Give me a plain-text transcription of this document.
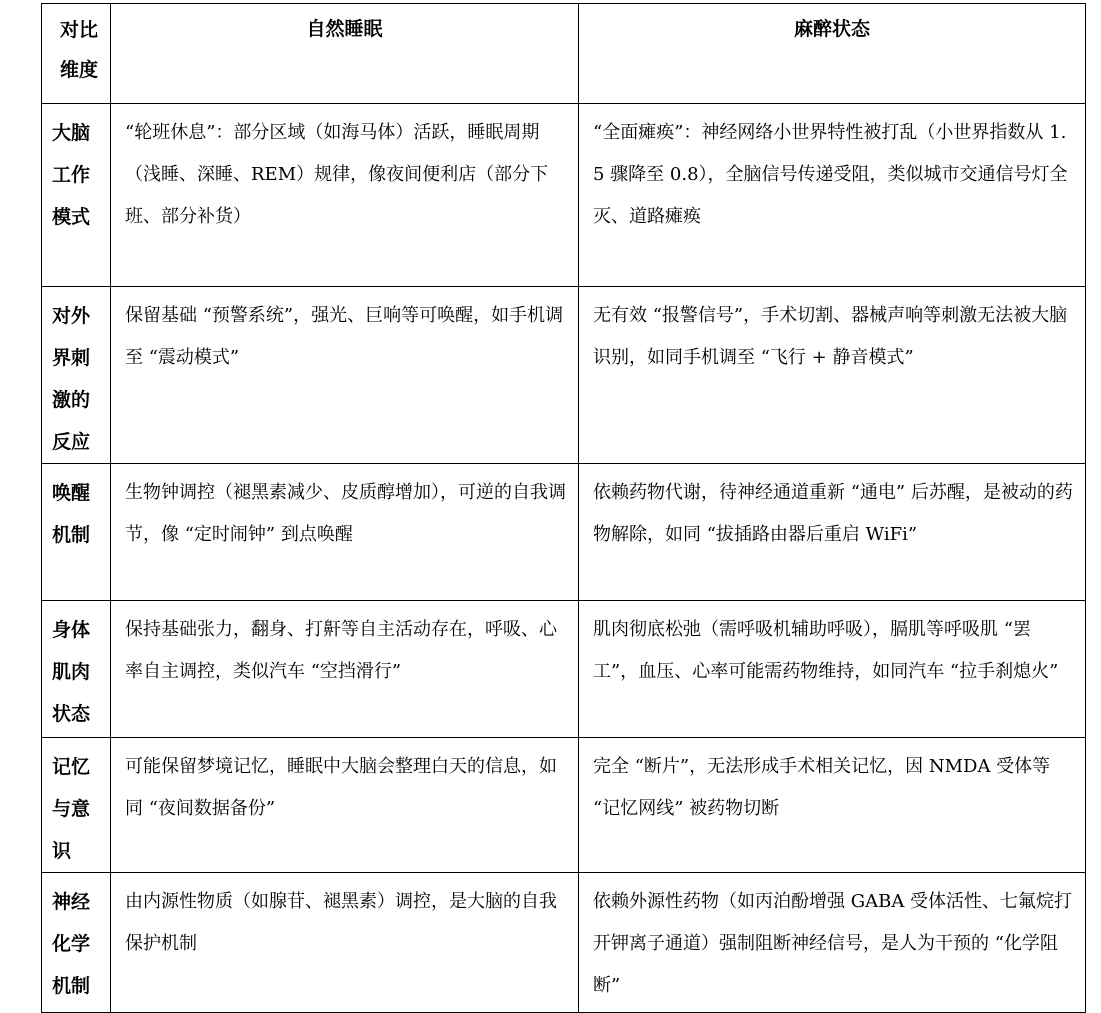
对比维度	自然睡眠	麻醉状态
大脑工作模式	“轮班休息”：部分区域（如海马体）活跃，睡眠周期（浅睡、深睡、REM）规律，像夜间便利店（部分下班、部分补货）	“全面瘫痪”：神经网络小世界特性被打乱（小世界指数从 1.5 骤降至 0.8），全脑信号传递受阻，类似城市交通信号灯全灭、道路瘫痪
对外界刺激的反应	保留基础 “预警系统”，强光、巨响等可唤醒，如手机调至 “震动模式”	无有效 “报警信号”，手术切割、器械声响等刺激无法被大脑识别，如同手机调至 “飞行 + 静音模式”
唤醒机制	生物钟调控（褪黑素减少、皮质醇增加），可逆的自我调节，像 “定时闹钟” 到点唤醒	依赖药物代谢，待神经通道重新 “通电” 后苏醒，是被动的药物解除，如同 “拔插路由器后重启 WiFi”
身体肌肉状态	保持基础张力，翻身、打鼾等自主活动存在，呼吸、心率自主调控，类似汽车 “空挡滑行”	肌肉彻底松弛（需呼吸机辅助呼吸），膈肌等呼吸肌 “罢工”，血压、心率可能需药物维持，如同汽车 “拉手刹熄火”
记忆与意识	可能保留梦境记忆，睡眠中大脑会整理白天的信息，如同 “夜间数据备份”	完全 “断片”，无法形成手术相关记忆，因 NMDA 受体等 “记忆网线” 被药物切断
神经化学机制	由内源性物质（如腺苷、褪黑素）调控，是大脑的自我保护机制	依赖外源性药物（如丙泊酚增强 GABA 受体活性、七氟烷打开钾离子通道）强制阻断神经信号，是人为干预的 “化学阻断”
